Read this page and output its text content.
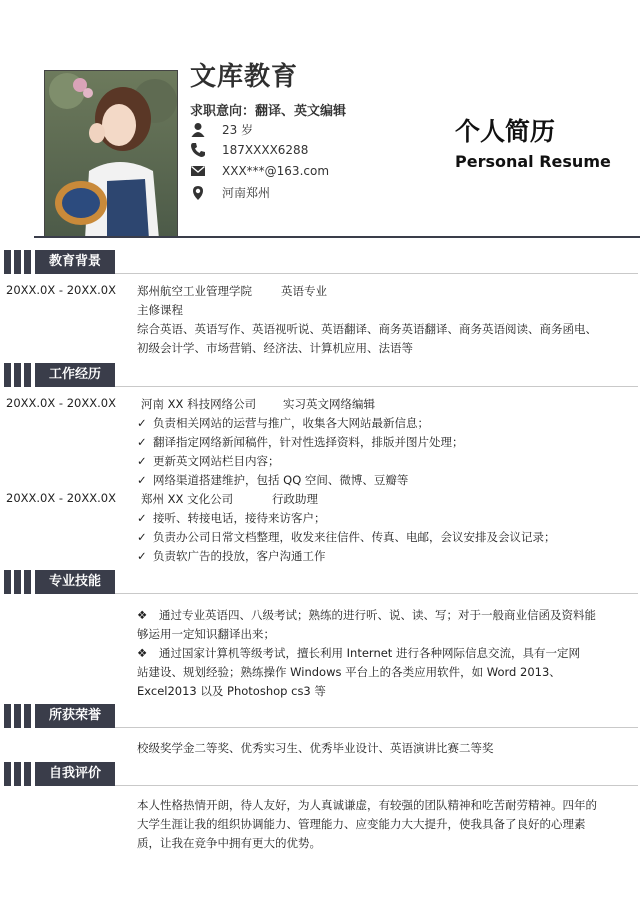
文库教育
求职意向：翻译、英文编辑
23 岁
187XXXX6288
XXX***@163.com
河南郑州
个人简历
Personal Resume
教育背景
20XX.0X - 20XX.0X 郑州航空工业管理学院	英语专业
主修课程
综合英语、英语写作、英语视听说、英语翻译、商务英语翻译、商务英语阅读、商务函电、
初级会计学、市场营销、经济法、计算机应用、法语等
工作经历
20XX.0X - 20XX.0X 河南 XX 科技网络公司 实习英文网络编辑
✓ 负责相关网站的运营与推广，收集各大网站最新信息；
✓ 翻译指定网络新闻稿件，针对性选择资料，排版并图片处理；
✓ 更新英文网站栏目内容；
✓ 网络渠道搭建维护，包括 QQ 空间、微博、豆瓣等
20XX.0X - 20XX.0X 郑州 XX 文化公司	行政助理
✓ 接听、转接电话，接待来访客户；
✓ 负责办公司日常文档整理，收发来往信件、传真、电邮，会议安排及会议记录；
✓ 负责软广告的投放，客户沟通工作
专业技能
❖ 通过专业英语四、八级考试；熟练的进行听、说、读、写；对于一般商业信函及资料能
够运用一定知识翻译出来；
❖ 通过国家计算机等级考试，擅长利用 Internet 进行各种网际信息交流，具有一定网
站建设、规划经验；熟练操作 Windows 平台上的各类应用软件，如 Word 2013、
Excel2013 以及 Photoshop cs3 等
所获荣誉
校级奖学金二等奖、优秀实习生、优秀毕业设计、英语演讲比赛二等奖
自我评价
本人性格热情开朗，待人友好，为人真诚谦虚，有较强的团队精神和吃苦耐劳精神。四年的
大学生涯让我的组织协调能力、管理能力、应变能力大大提升，使我具备了良好的心理素
质，让我在竞争中拥有更大的优势。
